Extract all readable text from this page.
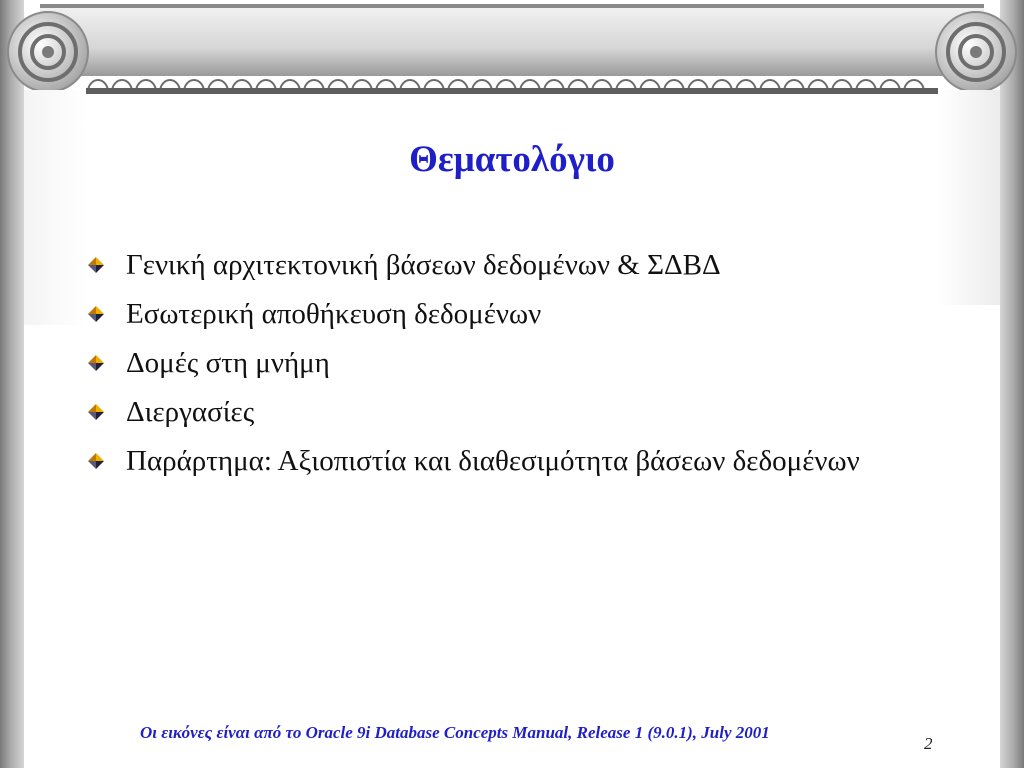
Θεματολόγιο
Γενική αρχιτεκτονική βάσεων δεδομένων & ΣΔΒΔ
Εσωτερική αποθήκευση δεδομένων
Δομές στη μνήμη
Διεργασίες
Παράρτημα: Αξιοπιστία και διαθεσιμότητα βάσεων δεδομένων
Οι εικόνες είναι από το Oracle 9i Database Concepts Manual, Release 1 (9.0.1), July 2001
2
